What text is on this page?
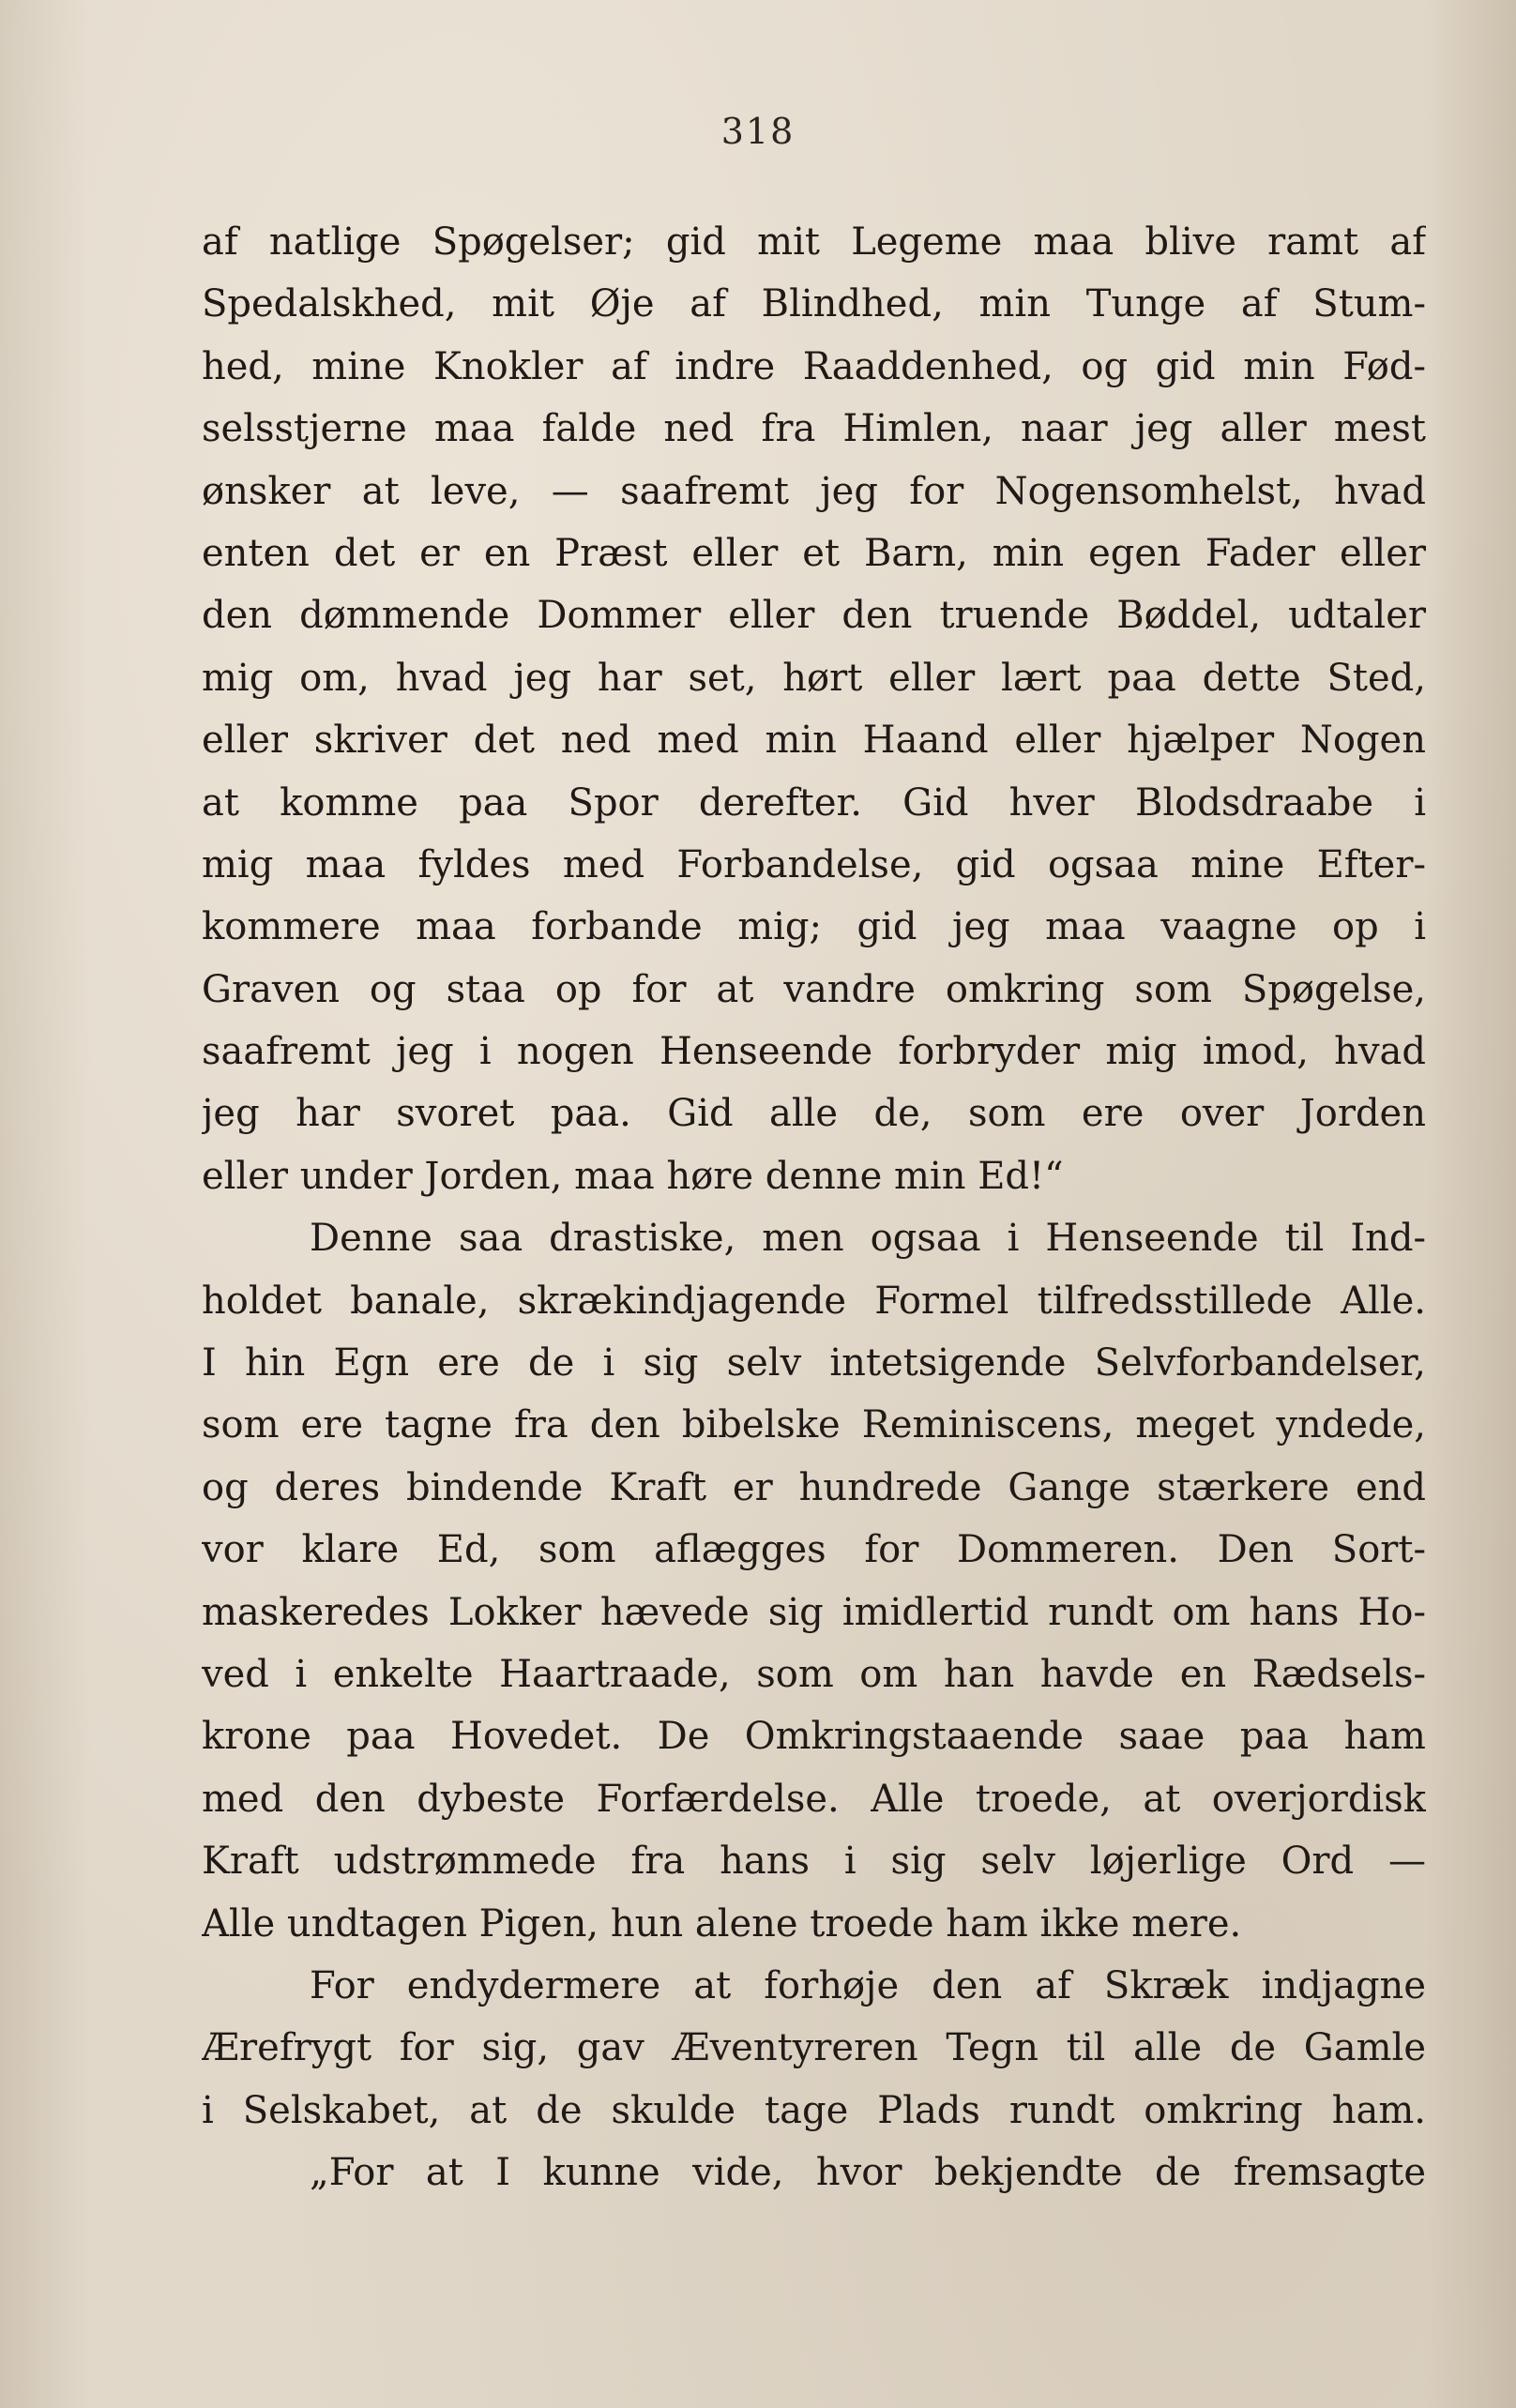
318
af natlige Spøgelser; gid mit Legeme maa blive ramt af
Spedalskhed, mit Øje af Blindhed, min Tunge af Stum-
hed, mine Knokler af indre Raaddenhed, og gid min Fød-
selsstjerne maa falde ned fra Himlen, naar jeg aller mest
ønsker at leve, — saafremt jeg for Nogensomhelst, hvad
enten det er en Præst eller et Barn, min egen Fader eller
den dømmende Dommer eller den truende Bøddel, udtaler
mig om, hvad jeg har set, hørt eller lært paa dette Sted,
eller skriver det ned med min Haand eller hjælper Nogen
at komme paa Spor derefter. Gid hver Blodsdraabe i
mig maa fyldes med Forbandelse, gid ogsaa mine Efter-
kommere maa forbande mig; gid jeg maa vaagne op i
Graven og staa op for at vandre omkring som Spøgelse,
saafremt jeg i nogen Henseende forbryder mig imod, hvad
jeg har svoret paa. Gid alle de, som ere over Jorden
eller under Jorden, maa høre denne min Ed!“
Denne saa drastiske, men ogsaa i Henseende til Ind-
holdet banale, skrækindjagende Formel tilfredsstillede Alle.
I hin Egn ere de i sig selv intetsigende Selvforbandelser,
som ere tagne fra den bibelske Reminiscens, meget yndede,
og deres bindende Kraft er hundrede Gange stærkere end
vor klare Ed, som aflægges for Dommeren. Den Sort-
maskeredes Lokker hævede sig imidlertid rundt om hans Ho-
ved i enkelte Haartraade, som om han havde en Rædsels-
krone paa Hovedet. De Omkringstaaende saae paa ham
med den dybeste Forfærdelse. Alle troede, at overjordisk
Kraft udstrømmede fra hans i sig selv løjerlige Ord —
Alle undtagen Pigen, hun alene troede ham ikke mere.
For endydermere at forhøje den af Skræk indjagne
Ærefrygt for sig, gav Æventyreren Tegn til alle de Gamle
i Selskabet, at de skulde tage Plads rundt omkring ham.
„For at I kunne vide, hvor bekjendte de fremsagte
